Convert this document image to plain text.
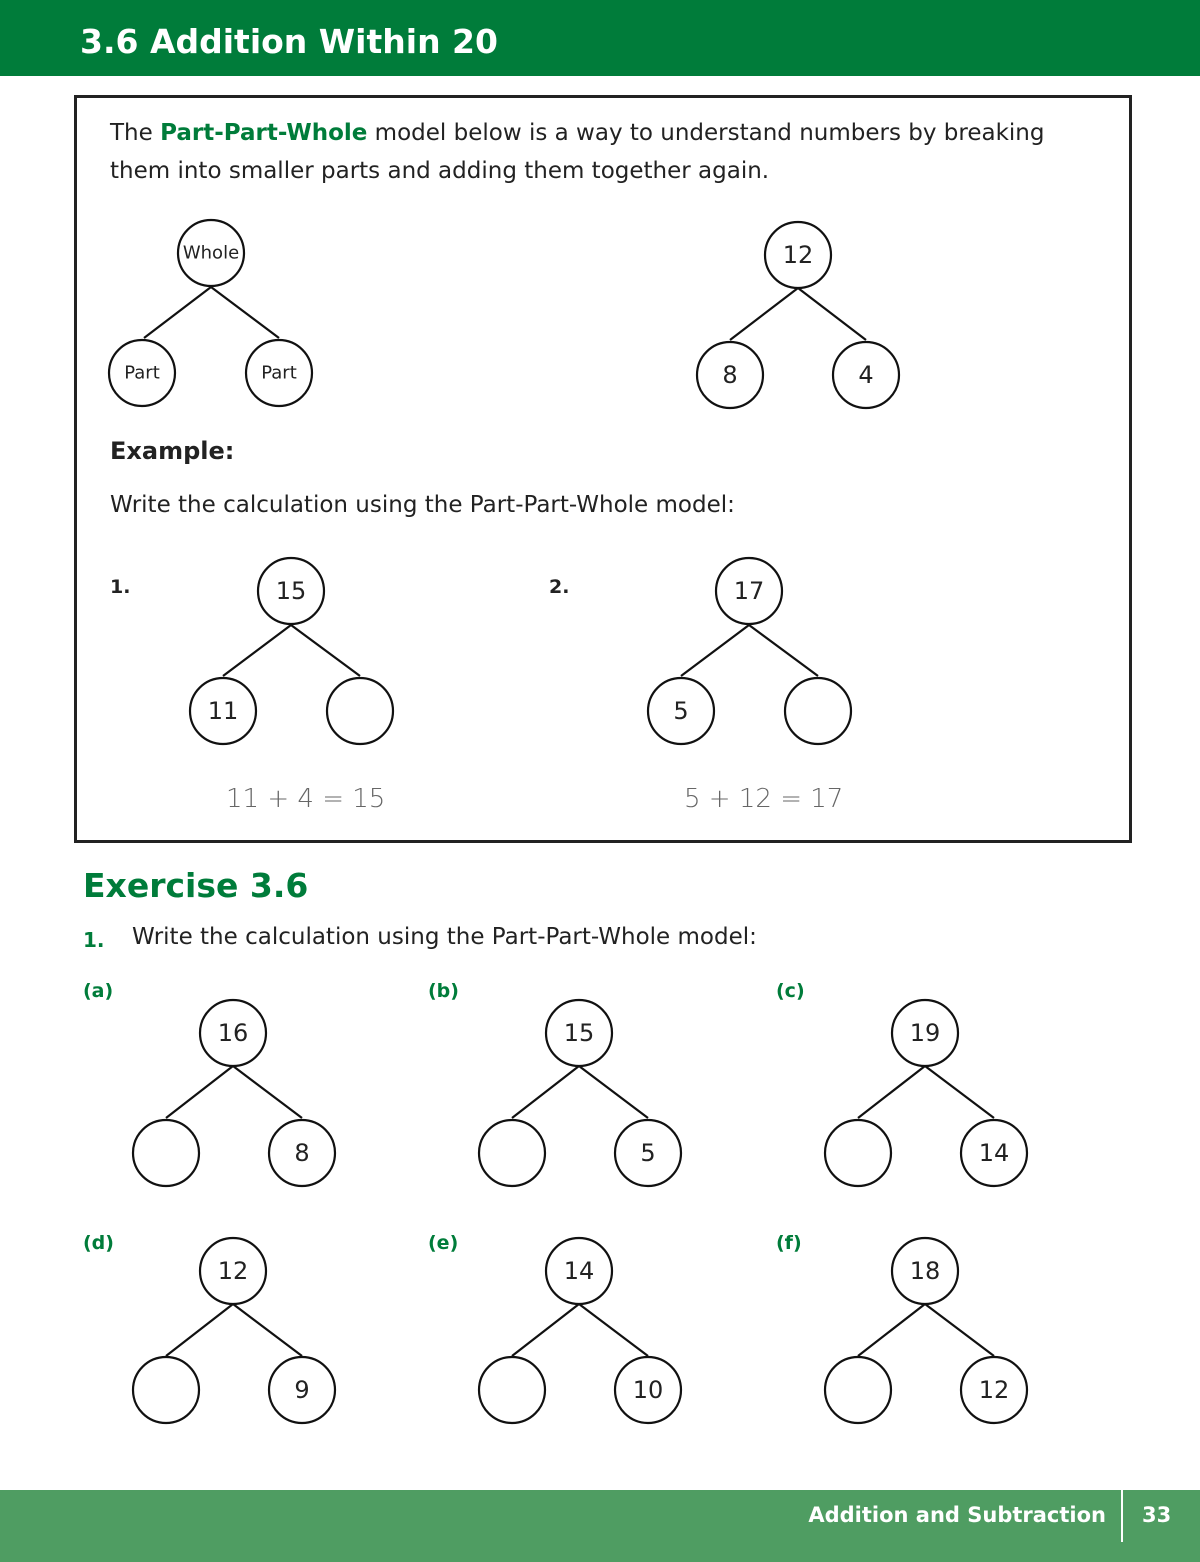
3.6 Addition Within 20
The Part-Part-Whole model below is a way to understand numbers by breaking them into smaller parts and adding them together again.
Whole
Part	Part
12
8	4
Example:
Write the calculation using the Part-Part-Whole model:
1.	15
11
11 + 4 = 15
2.	17
5
5 + 12 = 17
Exercise 3.6
1. Write the calculation using the Part-Part-Whole model:
(a)
16
8
(b)
15
5
(c)
19
14
(d)
12
9
(e)
14
10
(f)
18
12
Addition and Subtraction 33
